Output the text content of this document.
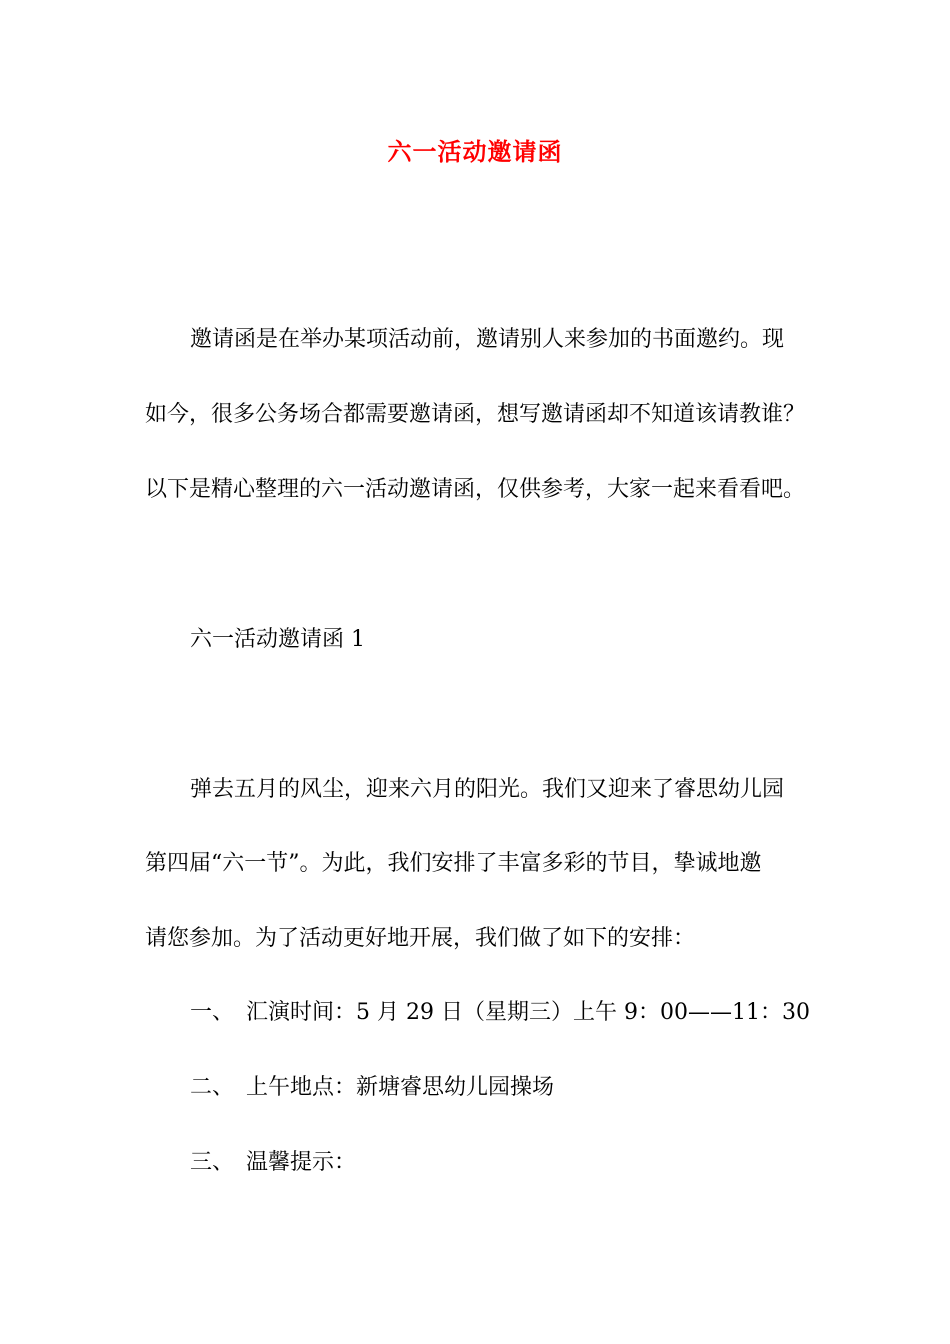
六一活动邀请函
邀请函是在举办某项活动前，邀请别人来参加的书面邀约。现
如今，很多公务场合都需要邀请函，想写邀请函却不知道该请教谁？
以下是精心整理的六一活动邀请函，仅供参考，大家一起来看看吧。
六一活动邀请函 1
弹去五月的风尘，迎来六月的阳光。我们又迎来了睿思幼儿园
第四届“六一节”。为此，我们安排了丰富多彩的节目，挚诚地邀
请您参加。为了活动更好地开展，我们做了如下的安排：
一、 汇演时间：5 月 29 日（星期三）上午 9：00——11：30
二、 上午地点：新塘睿思幼儿园操场
三、 温馨提示：
